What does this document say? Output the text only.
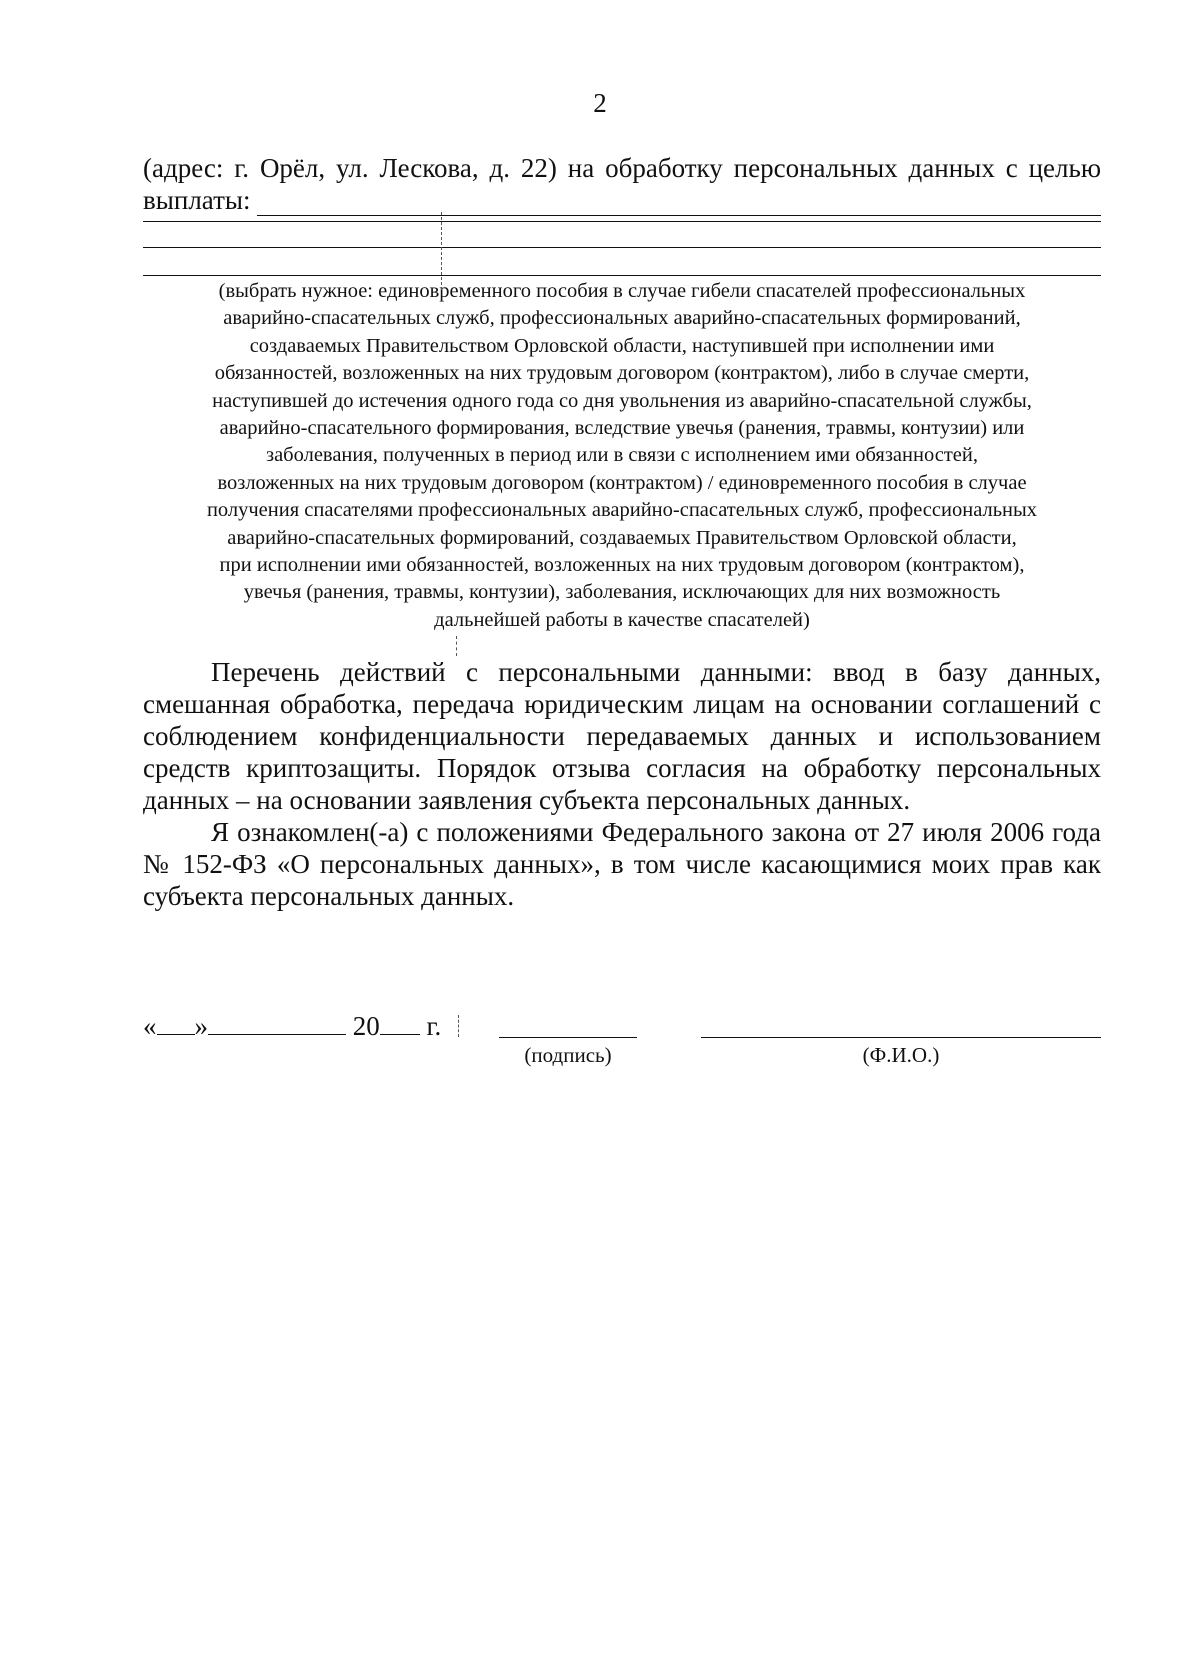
2
(адрес: г. Орёл, ул. Лескова, д. 22) на обработку персональных данных с целью
выплаты:
(выбрать нужное: единовременного пособия в случае гибели спасателей профессиональных
аварийно-спасательных служб, профессиональных аварийно-спасательных формирований,
создаваемых Правительством Орловской области, наступившей при исполнении ими
обязанностей, возложенных на них трудовым договором (контрактом), либо в случае смерти,
наступившей до истечения одного года со дня увольнения из аварийно-спасательной службы,
аварийно-спасательного формирования, вследствие увечья (ранения, травмы, контузии) или
заболевания, полученных в период или в связи с исполнением ими обязанностей,
возложенных на них трудовым договором (контрактом) / единовременного пособия в случае
получения спасателями профессиональных аварийно-спасательных служб, профессиональных
аварийно-спасательных формирований, создаваемых Правительством Орловской области,
при исполнении ими обязанностей, возложенных на них трудовым договором (контрактом),
увечья (ранения, травмы, контузии), заболевания, исключающих для них возможность
дальнейшей работы в качестве спасателей)

Перечень действий с персональными данными: ввод в базу данных, смешанная обработка, передача юридическим лицам на основании соглашений с соблюдением конфиденциальности передаваемых данных и использованием средств криптозащиты. Порядок отзыва согласия на обработку персональных данных – на основании заявления субъекта персональных данных.

Я ознакомлен(-а) с положениями Федерального закона от 27 июля 2006 года № 152-ФЗ «О персональных данных», в том числе касающимися моих прав как субъекта персональных данных.

« »	20 г.
(подпись)	(Ф.И.О.)
